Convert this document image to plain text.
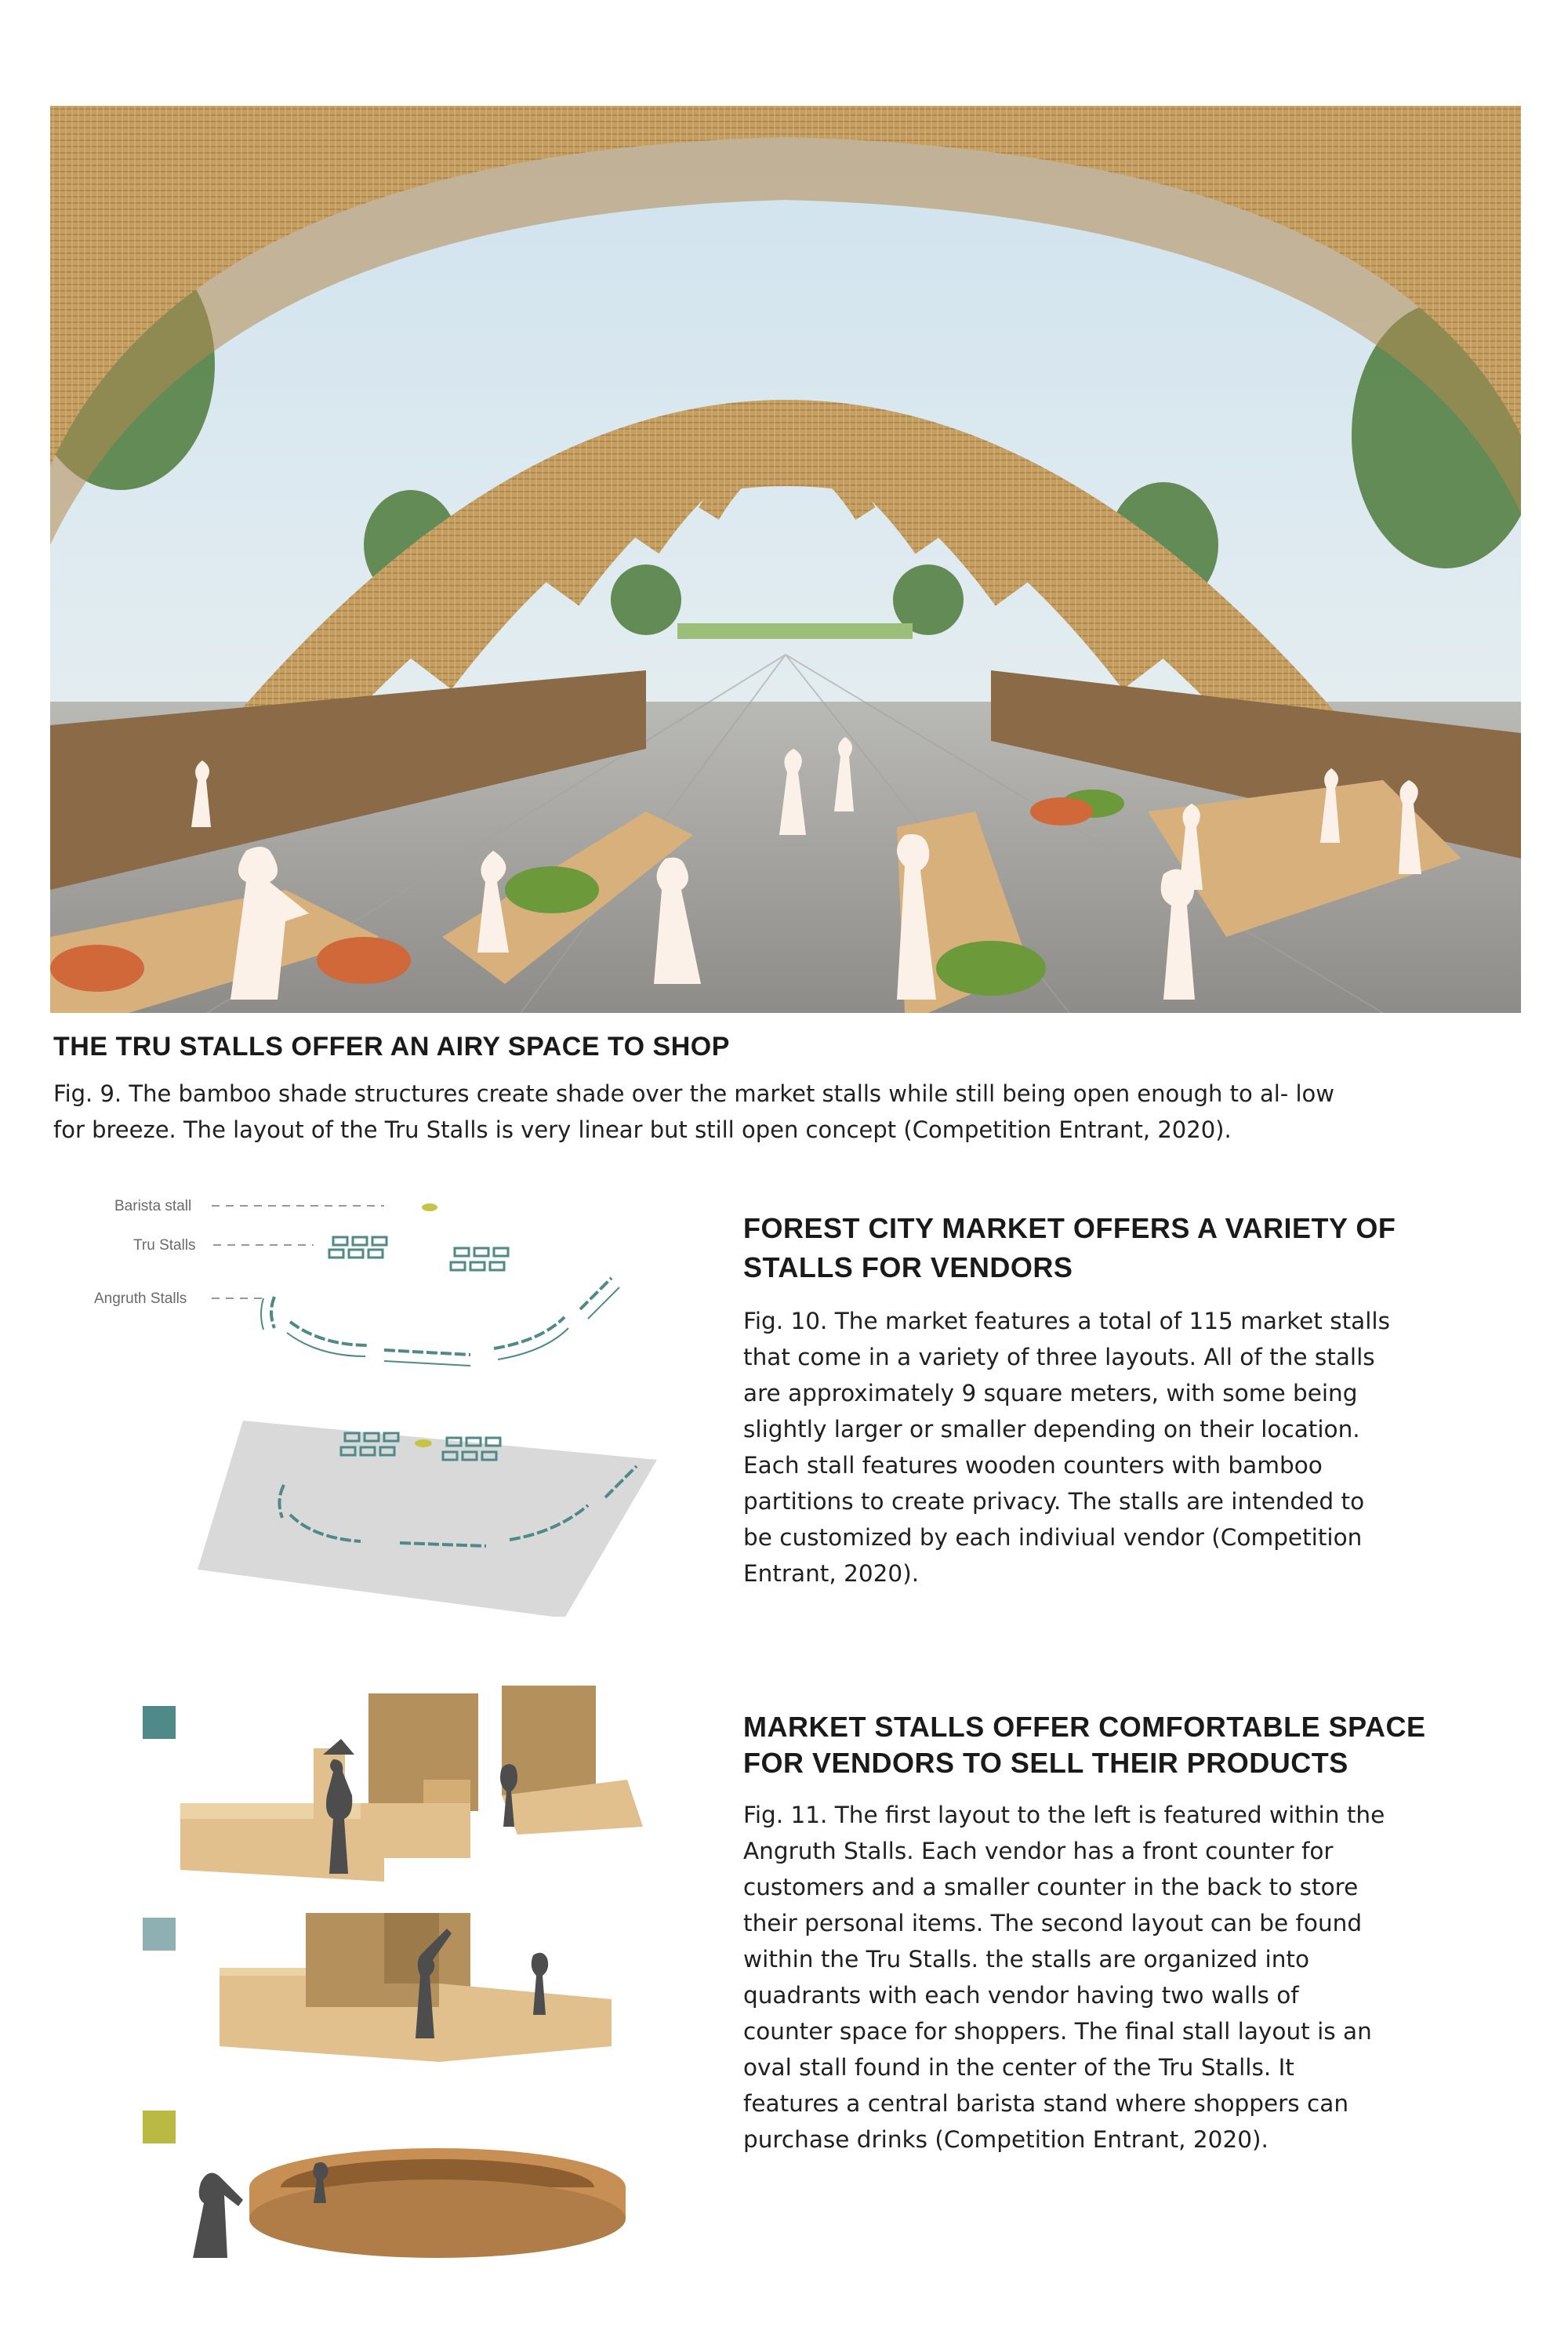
THE TRU STALLS OFFER AN AIRY SPACE TO SHOP
Fig. 9. The bamboo shade structures create shade over the market stalls while still being open enough to al- low for breeze. The layout of the Tru Stalls is very linear but still open concept (Competition Entrant, 2020).
Barista stall
Tru Stalls
Angruth Stalls
FOREST CITY MARKET OFFERS A VARIETY OF STALLS FOR VENDORS
Fig. 10. The market features a total of 115 market stalls that come in a variety of three layouts. All of the stalls are approximately 9 square meters, with some being slightly larger or smaller depending on their location. Each stall features wooden counters with bamboo partitions to create privacy. The stalls are intended to be customized by each indiviual vendor (Competition Entrant, 2020).
MARKET STALLS OFFER COMFORTABLE SPACE FOR VENDORS TO SELL THEIR PRODUCTS
Fig. 11. The first layout to the left is featured within the Angruth Stalls. Each vendor has a front counter for customers and a smaller counter in the back to store their personal items. The second layout can be found within the Tru Stalls. the stalls are organized into quadrants with each vendor having two walls of counter space for shoppers. The final stall layout is an oval stall found in the center of the Tru Stalls. It features a central barista stand where shoppers can purchase drinks (Competition Entrant, 2020).
